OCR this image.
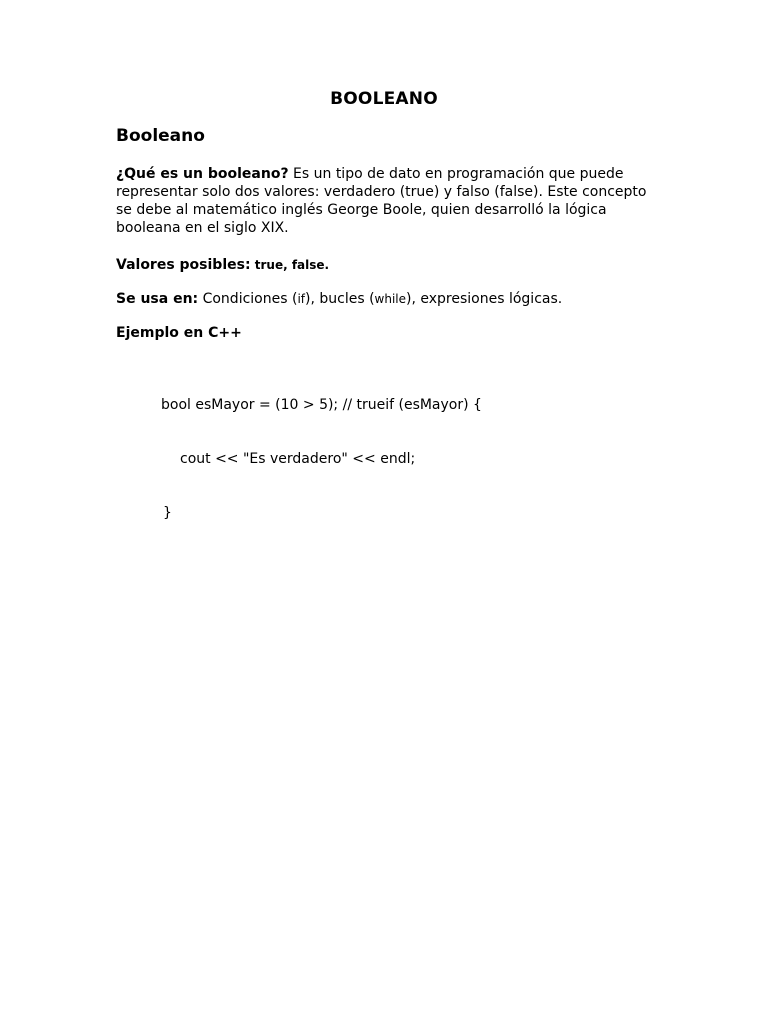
BOOLEANO
Booleano

¿Qué es un booleano? Es un tipo de dato en programación que puede representar solo dos valores: verdadero (true) y falso (false). Este concepto se debe al matemático inglés George Boole, quien desarrolló la lógica booleana en el siglo XIX.

Valores posibles: true, false.

Se usa en: Condiciones (if), bucles (while), expresiones lógicas.

Ejemplo en C++

bool esMayor = (10 > 5); // trueif (esMayor) {

cout << "Es verdadero" << endl;

}
